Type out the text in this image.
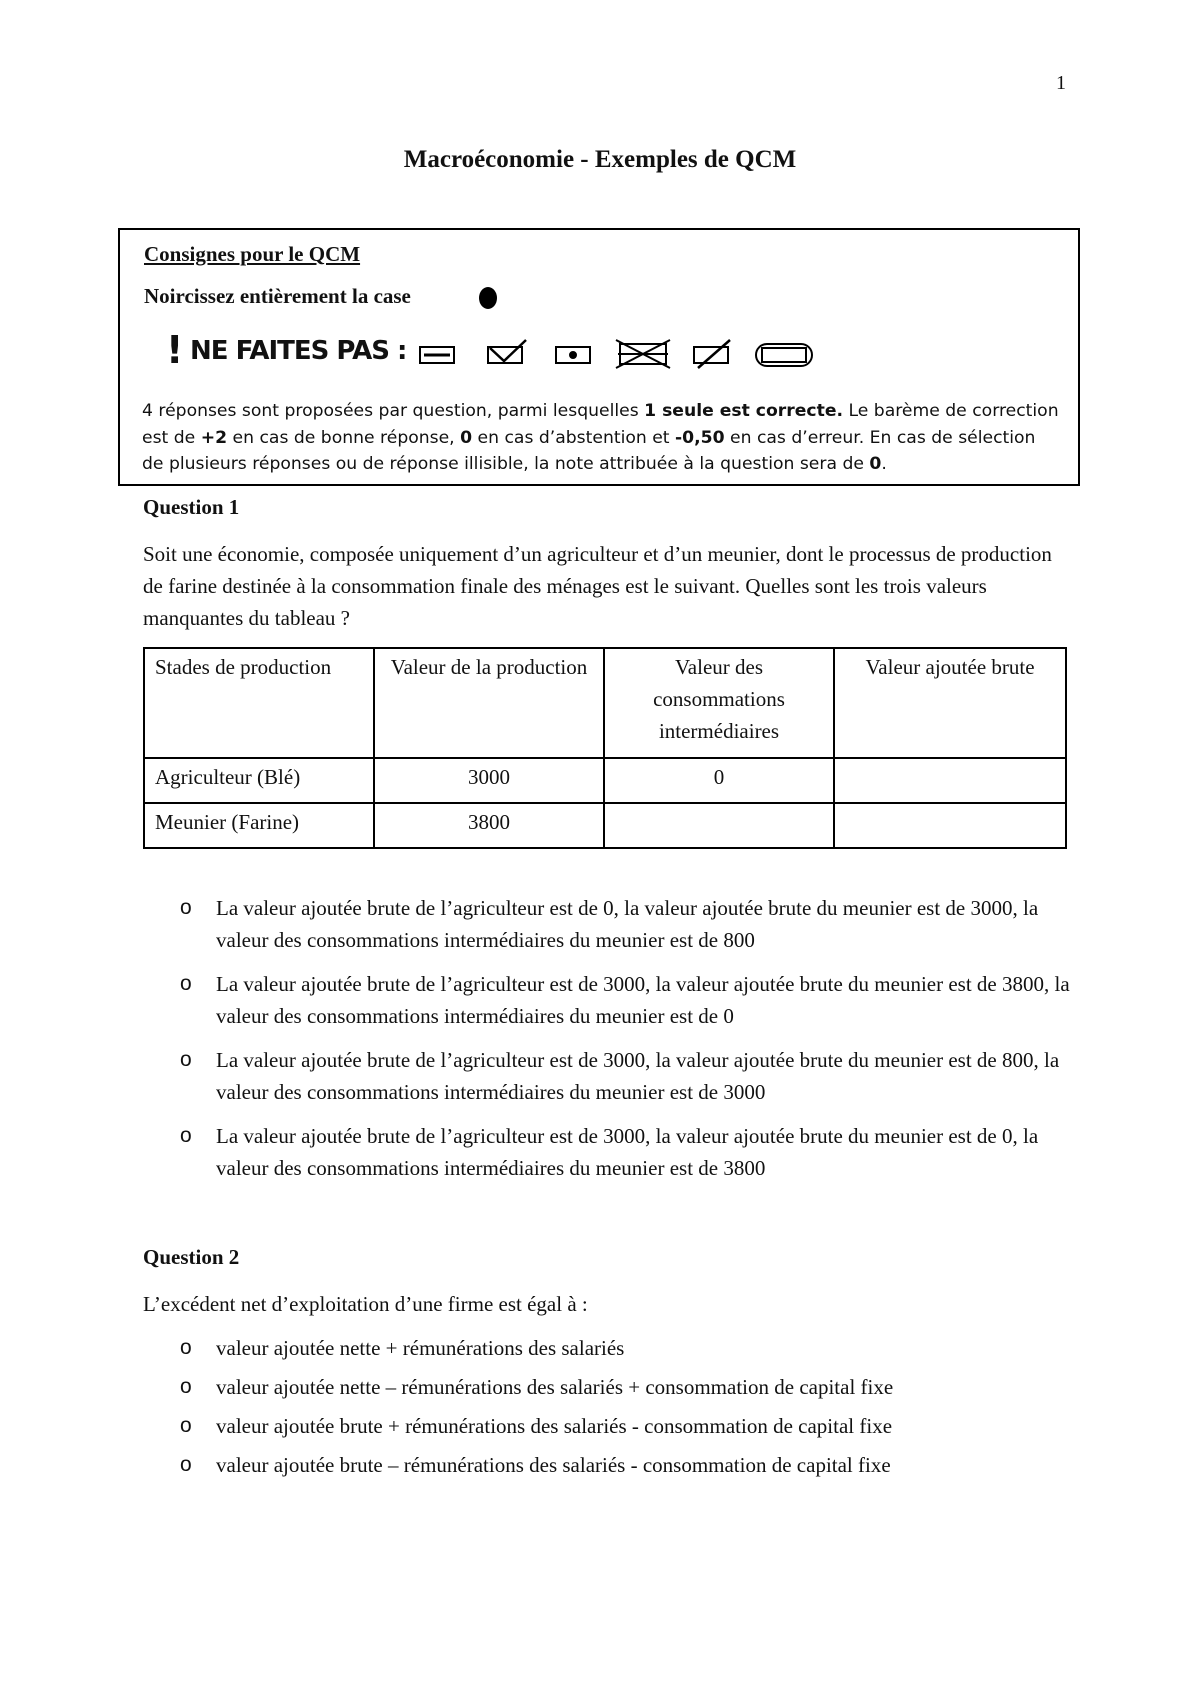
1
Macroéconomie - Exemples de QCM
Consignes pour le QCM
Noircissez entièrement la case
! NE FAITES PAS :
4 réponses sont proposées par question, parmi lesquelles 1 seule est correcte. Le barème de correction est de +2 en cas de bonne réponse, 0 en cas d’abstention et -0,50 en cas d’erreur. En cas de sélection de plusieurs réponses ou de réponse illisible, la note attribuée à la question sera de 0.
Question 1
Soit une économie, composée uniquement d’un agriculteur et d’un meunier, dont le processus de production de farine destinée à la consommation finale des ménages est le suivant. Quelles sont les trois valeurs manquantes du tableau ?
Stades de production	Valeur de la production	Valeur des consommations intermédiaires	Valeur ajoutée brute
Agriculteur (Blé)	3000	0	
Meunier (Farine)	3800		
o La valeur ajoutée brute de l’agriculteur est de 0, la valeur ajoutée brute du meunier est de 3000, la valeur des consommations intermédiaires du meunier est de 800
o La valeur ajoutée brute de l’agriculteur est de 3000, la valeur ajoutée brute du meunier est de 3800, la valeur des consommations intermédiaires du meunier est de 0
o La valeur ajoutée brute de l’agriculteur est de 3000, la valeur ajoutée brute du meunier est de 800, la valeur des consommations intermédiaires du meunier est de 3000
o La valeur ajoutée brute de l’agriculteur est de 3000, la valeur ajoutée brute du meunier est de 0, la valeur des consommations intermédiaires du meunier est de 3800
Question 2
L’excédent net d’exploitation d’une firme est égal à :
o valeur ajoutée nette + rémunérations des salariés
o valeur ajoutée nette – rémunérations des salariés + consommation de capital fixe
o valeur ajoutée brute + rémunérations des salariés - consommation de capital fixe
o valeur ajoutée brute – rémunérations des salariés - consommation de capital fixe
